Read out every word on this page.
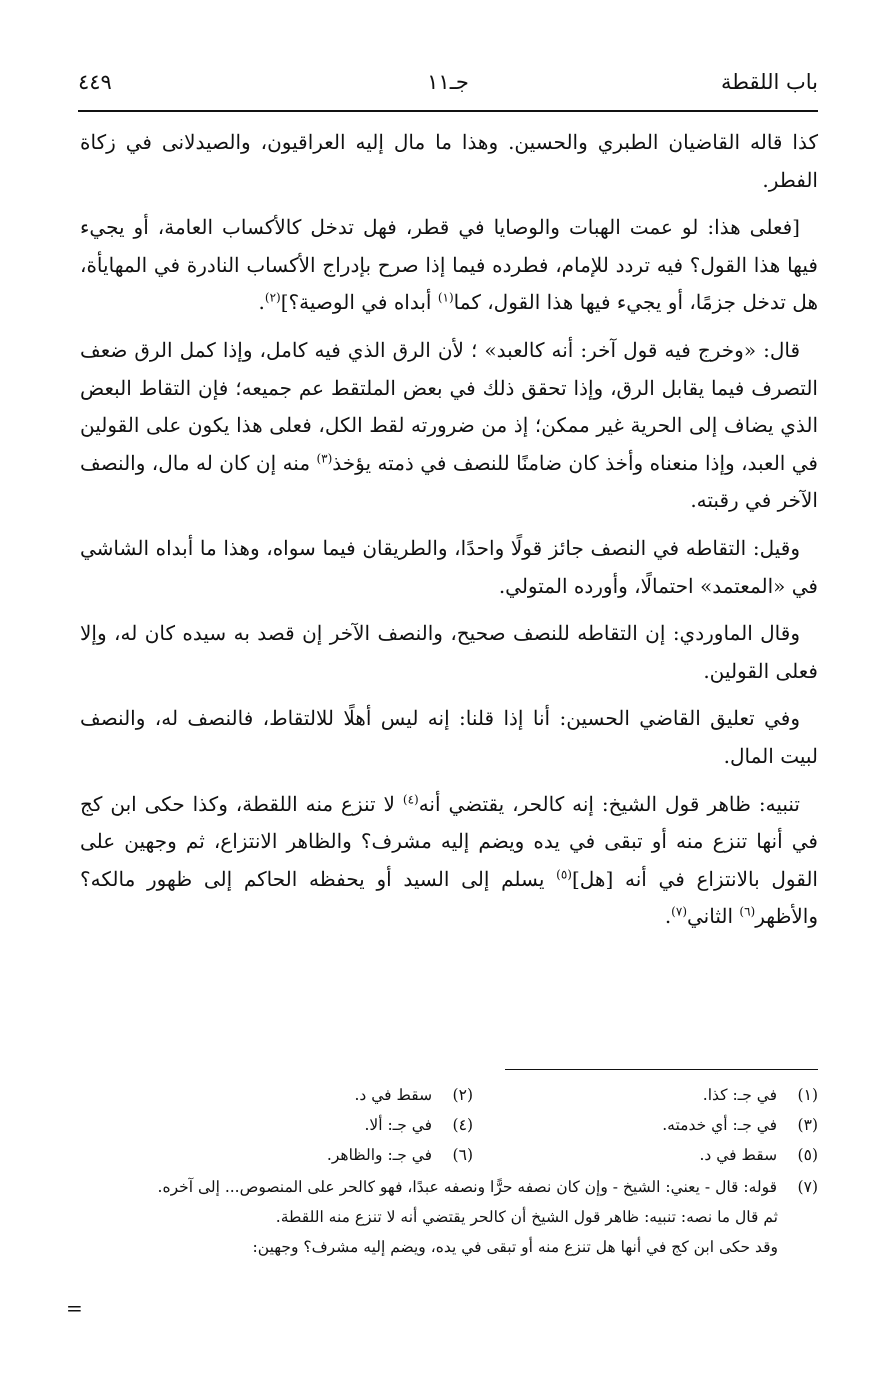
باب اللقطة
جـ١١
٤٤٩

كذا قاله القاضيان الطبري والحسين. وهذا ما مال إليه العراقيون، والصيدلانى في زكاة الفطر.

[فعلى هذا: لو عمت الهبات والوصايا في قطر، فهل تدخل كالأكساب العامة، أو يجيء فيها هذا القول؟ فيه تردد للإمام، فطرده فيما إذا صرح بإدراج الأكساب النادرة في المهايأة، هل تدخل جزمًا، أو يجيء فيها هذا القول، كما$^{(١)}$ أبداه في الوصية؟]$^{(٢)}$.

قال: «وخرج فيه قول آخر: أنه كالعبد» ؛ لأن الرق الذي فيه كامل، وإذا كمل الرق ضعف التصرف فيما يقابل الرق، وإذا تحقق ذلك في بعض الملتقط عم جميعه؛ فإن التقاط البعض الذي يضاف إلى الحرية غير ممكن؛ إذ من ضرورته لقط الكل، فعلى هذا يكون على القولين في العبد، وإذا منعناه وأخذ كان ضامنًا للنصف في ذمته يؤخذ$^{(٣)}$ منه إن كان له مال، والنصف الآخر في رقبته.

وقيل: التقاطه في النصف جائز قولًا واحدًا، والطريقان فيما سواه، وهذا ما أبداه الشاشي في «المعتمد» احتمالًا، وأورده المتولي.

وقال الماوردي: إن التقاطه للنصف صحيح، والنصف الآخر إن قصد به سيده كان له، وإلا فعلى القولين.

وفي تعليق القاضي الحسين: أنا إذا قلنا: إنه ليس أهلًا للالتقاط، فالنصف له، والنصف لبيت المال.

تنبيه: ظاهر قول الشيخ: إنه كالحر، يقتضي أنه$^{(٤)}$ لا تنزع منه اللقطة، وكذا حكى ابن كج في أنها تنزع منه أو تبقى في يده ويضم إليه مشرف؟ والظاهر الانتزاع، ثم وجهين على القول بالانتزاع في أنه [هل]$^{(٥)}$ يسلم إلى السيد أو يحفظه الحاكم إلى ظهور مالكه؟ والأظهر$^{(٦)}$ الثاني$^{(٧)}$.

(١) في جـ: كذا.
(٢) سقط في د.
(٣) في جـ: أي خدمته.
(٤) في جـ: ألا.
(٥) سقط في د.
(٦) في جـ: والظاهر.

(٧) قوله: قال - يعني: الشيخ - وإن كان نصفه حرًّا ونصفه عبدًا، فهو كالحر على المنصوص... إلى آخره.

ثم قال ما نصه: تنبيه: ظاهر قول الشيخ أن كالحر يقتضي أنه لا تنزع منه اللقطة.

وقد حكى ابن كج في أنها هل تنزع منه أو تبقى في يده، ويضم إليه مشرف؟ وجهين:

=
